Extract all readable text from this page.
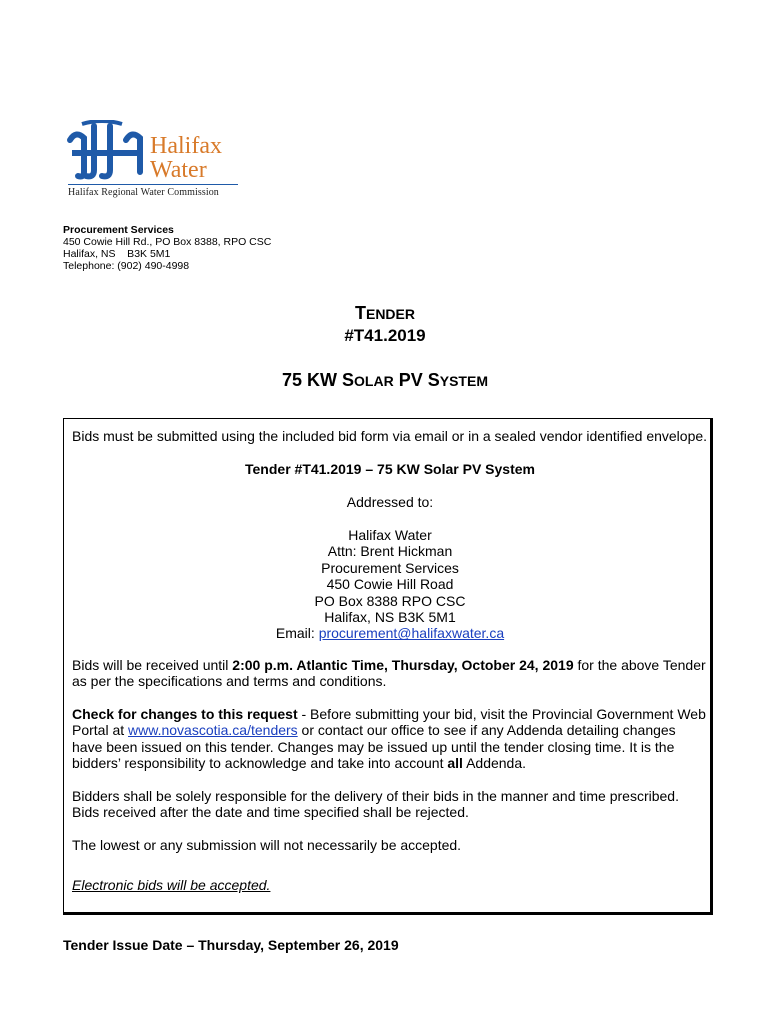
Halifax
Water
Halifax Regional Water Commission
Procurement Services
450 Cowie Hill Rd., PO Box 8388, RPO CSC
Halifax, NS    B3K 5M1
Telephone: (902) 490-4998
TENDER
#T41.2019
75 KW SOLAR PV SYSTEM
Bids must be submitted using the included bid form via email or in a sealed vendor identified envelope.
Tender #T41.2019 – 75 KW Solar PV System
Addressed to:
Halifax Water
Attn: Brent Hickman
Procurement Services
450 Cowie Hill Road
PO Box 8388 RPO CSC
Halifax, NS B3K 5M1
Email: procurement@halifaxwater.ca
Bids will be received until 2:00 p.m. Atlantic Time, Thursday, October 24, 2019 for the above Tender as per the specifications and terms and conditions.
Check for changes to this request - Before submitting your bid, visit the Provincial Government Web Portal at www.novascotia.ca/tenders or contact our office to see if any Addenda detailing changes have been issued on this tender. Changes may be issued up until the tender closing time. It is the bidders’ responsibility to acknowledge and take into account all Addenda.
Bidders shall be solely responsible for the delivery of their bids in the manner and time prescribed. Bids received after the date and time specified shall be rejected.
The lowest or any submission will not necessarily be accepted.
Electronic bids will be accepted.
Tender Issue Date – Thursday, September 26, 2019
